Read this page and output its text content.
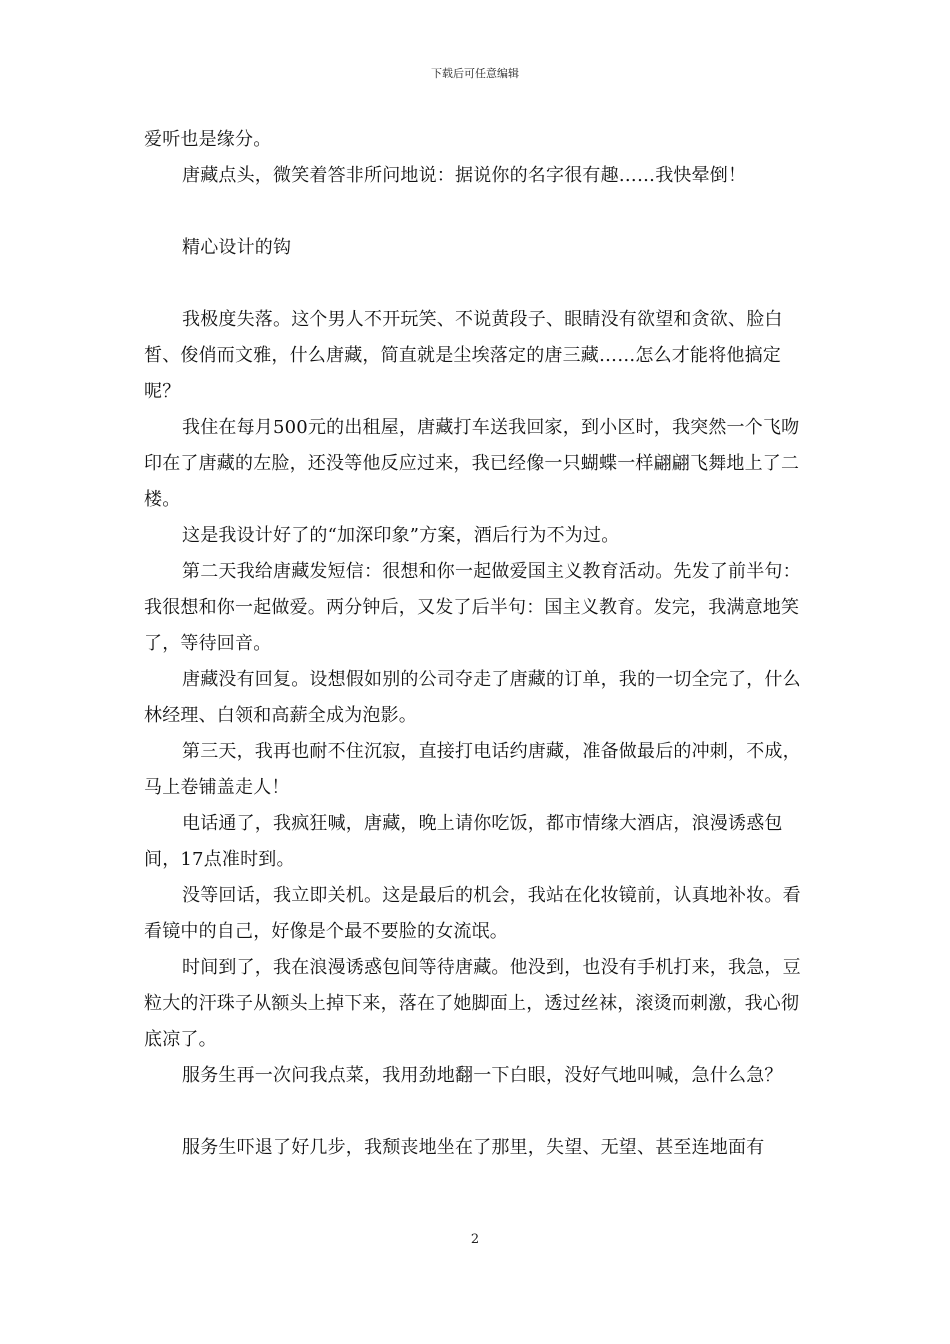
下载后可任意编辑

爱听也是缘分。

唐藏点头，微笑着答非所问地说：据说你的名字很有趣……我快晕倒！

精心设计的钩

我极度失落。这个男人不开玩笑、不说黄段子、眼睛没有欲望和贪欲、脸白皙、俊俏而文雅，什么唐藏，简直就是尘埃落定的唐三藏……怎么才能将他搞定呢？

我住在每月500元的出租屋，唐藏打车送我回家，到小区时，我突然一个飞吻印在了唐藏的左脸，还没等他反应过来，我已经像一只蝴蝶一样翩翩飞舞地上了二楼。

这是我设计好了的“加深印象”方案，酒后行为不为过。

第二天我给唐藏发短信：很想和你一起做爱国主义教育活动。先发了前半句：我很想和你一起做爱。两分钟后，又发了后半句：国主义教育。发完，我满意地笑了，等待回音。

唐藏没有回复。设想假如别的公司夺走了唐藏的订单，我的一切全完了，什么林经理、白领和高薪全成为泡影。

第三天，我再也耐不住沉寂，直接打电话约唐藏，准备做最后的冲刺，不成，马上卷铺盖走人！

电话通了，我疯狂喊，唐藏，晚上请你吃饭，都市情缘大酒店，浪漫诱惑包间，17点准时到。

没等回话，我立即关机。这是最后的机会，我站在化妆镜前，认真地补妆。看看镜中的自己，好像是个最不要脸的女流氓。

时间到了，我在浪漫诱惑包间等待唐藏。他没到，也没有手机打来，我急，豆粒大的汗珠子从额头上掉下来，落在了她脚面上，透过丝袜，滚烫而刺激，我心彻底凉了。

服务生再一次问我点菜，我用劲地翻一下白眼，没好气地叫喊，急什么急？

服务生吓退了好几步，我颓丧地坐在了那里，失望、无望、甚至连地面有

2
